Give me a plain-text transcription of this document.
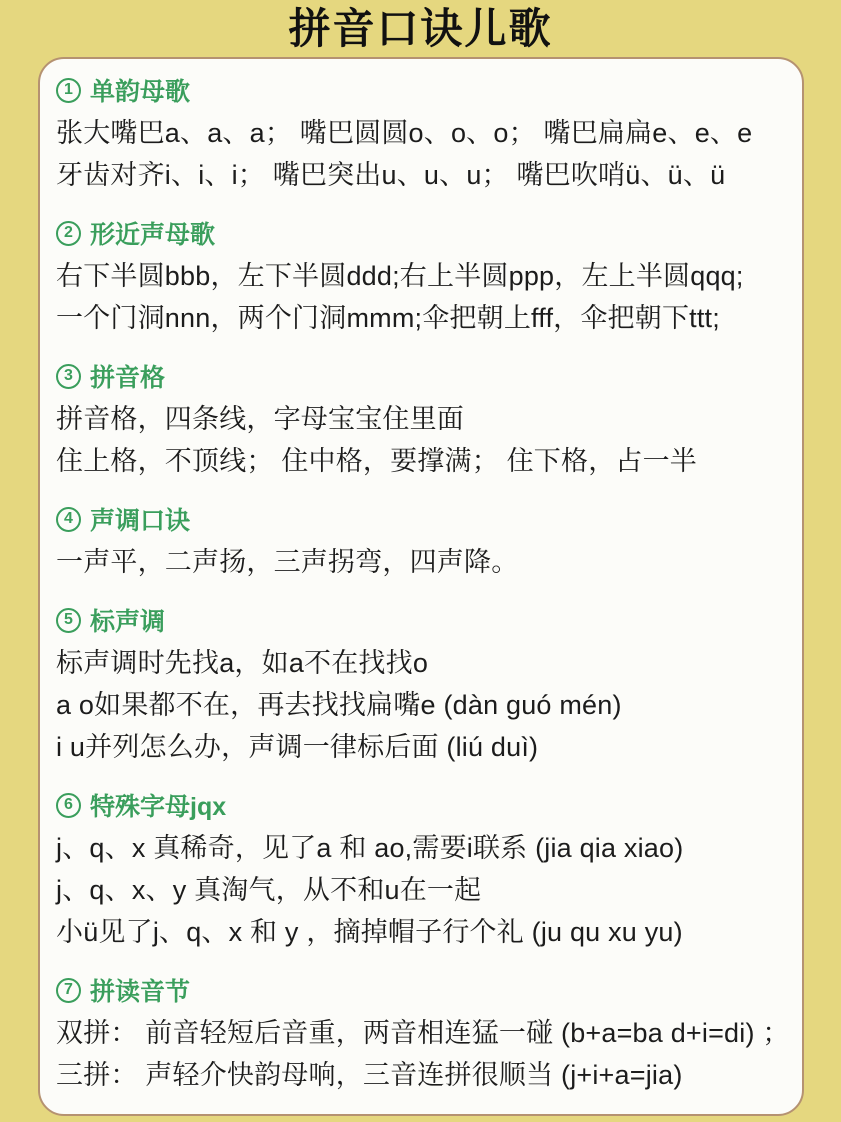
拼音口诀儿歌
1 单韵母歌

张大嘴巴a、a、a； 嘴巴圆圆o、o、o； 嘴巴扁扁e、e、e

牙齿对齐i、i、i； 嘴巴突出u、u、u； 嘴巴吹哨ü、ü、ü

2 形近声母歌

右下半圆bbb，左下半圆ddd;右上半圆ppp，左上半圆qqq;

一个门洞nnn，两个门洞mmm;伞把朝上fff，伞把朝下ttt;

3 拼音格

拼音格，四条线，字母宝宝住里面

住上格，不顶线； 住中格，要撑满； 住下格，占一半

4 声调口诀

一声平，二声扬，三声拐弯，四声降。

5 标声调

标声调时先找a，如a不在找找o

a o如果都不在，再去找找扁嘴e (dàn guó mén)

i u并列怎么办，声调一律标后面 (liú duì)

6 特殊字母jqx

j、q、x 真稀奇，见了a 和 ao,需要i联系 (jia qia xiao)

j、q、x、y 真淘气，从不和u在一起

小ü见了j、q、x 和 y ，摘掉帽子行个礼 (ju qu xu yu)

7 拼读音节

双拼： 前音轻短后音重，两音相连猛一碰 (b+a=ba d+i=di) ；

三拼： 声轻介快韵母响，三音连拼很顺当 (j+i+a=jia)
